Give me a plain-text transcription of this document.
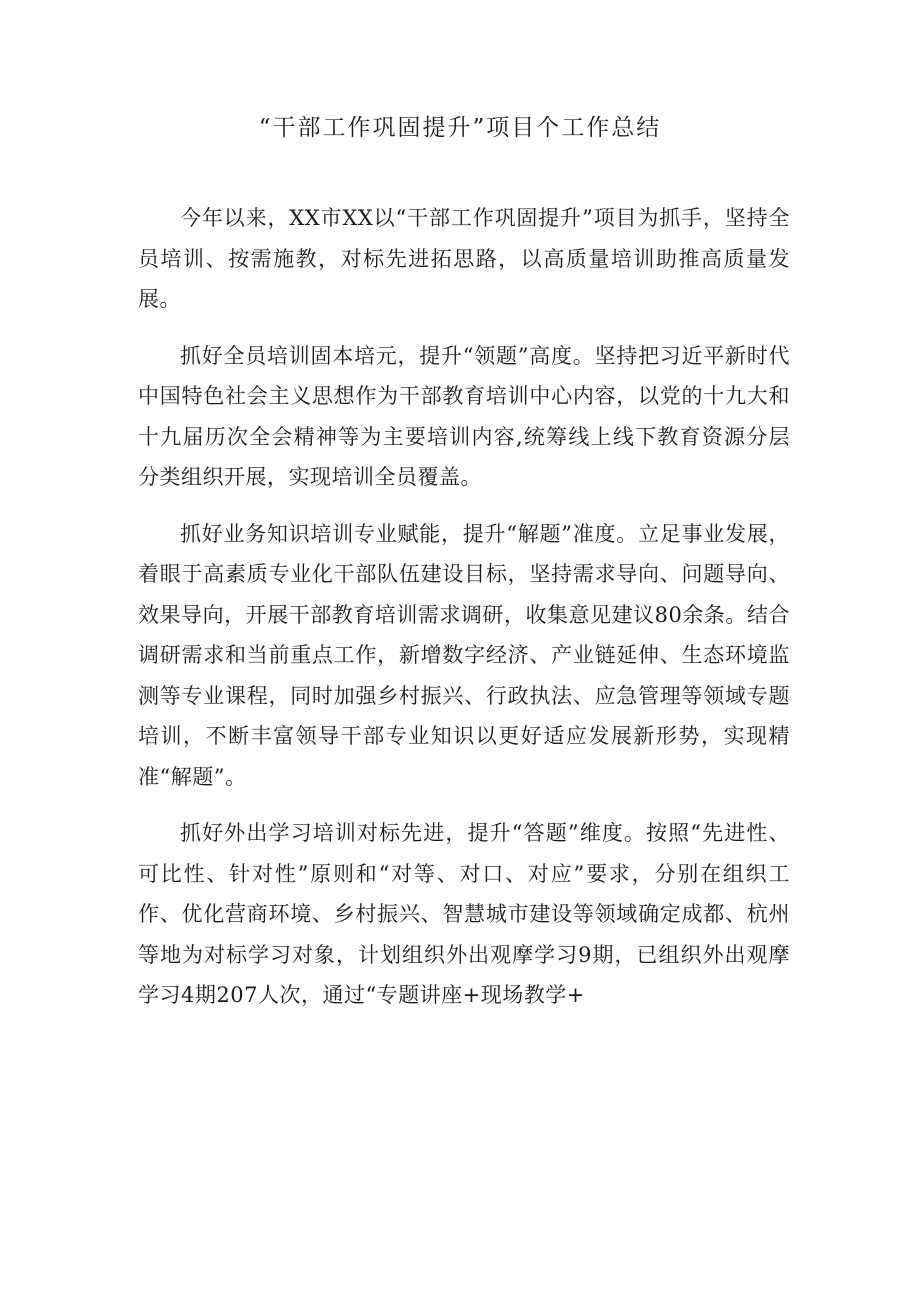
“干部工作巩固提升”项目个工作总结

今年以来，XX市XX以“干部工作巩固提升”项目为抓手，坚持全员培训、按需施教，对标先进拓思路，以高质量培训助推高质量发展。

抓好全员培训固本培元，提升“领题”高度。坚持把习近平新时代中国特色社会主义思想作为干部教育培训中心内容，以党的十九大和十九届历次全会精神等为主要培训内容,统筹线上线下教育资源分层分类组织开展，实现培训全员覆盖。

抓好业务知识培训专业赋能，提升“解题”准度。立足事业发展，着眼于高素质专业化干部队伍建设目标，坚持需求导向、问题导向、效果导向，开展干部教育培训需求调研，收集意见建议80余条。结合调研需求和当前重点工作，新增数字经济、产业链延伸、生态环境监测等专业课程，同时加强乡村振兴、行政执法、应急管理等领域专题培训，不断丰富领导干部专业知识以更好适应发展新形势，实现精准“解题”。

抓好外出学习培训对标先进，提升“答题”维度。按照“先进性、可比性、针对性”原则和“对等、对口、对应”要求，分别在组织工作、优化营商环境、乡村振兴、智慧城市建设等领域确定成都、杭州等地为对标学习对象，计划组织外出观摩学习9期，已组织外出观摩学习4期207人次，通过“专题讲座+现场教学+
